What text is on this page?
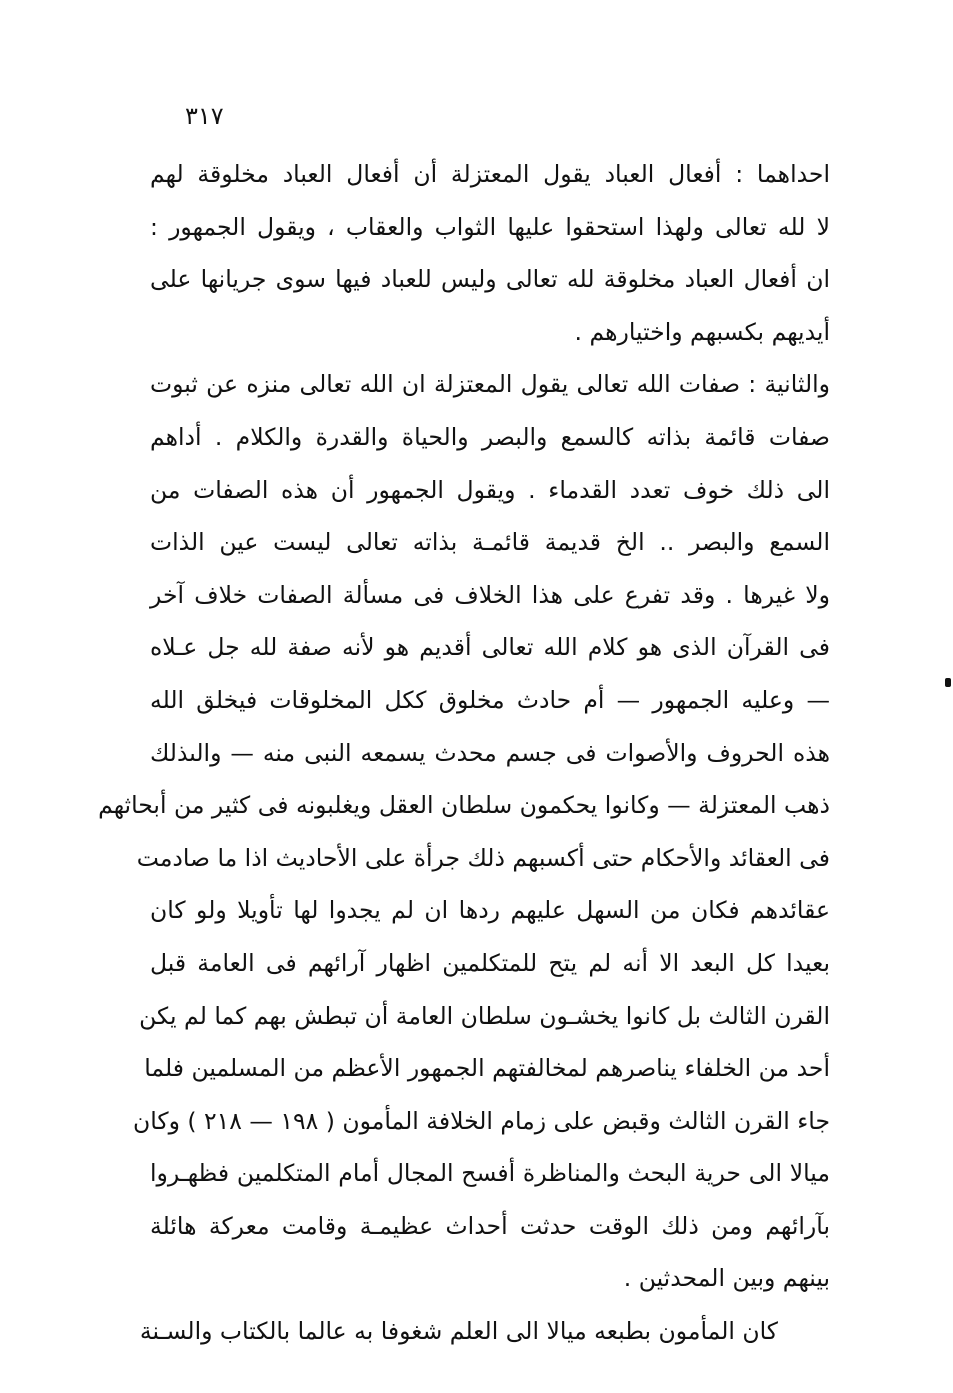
٣١٧
احداهما : أفعال العباد يقول المعتزلة أن أفعال العباد مخلوقة لهم
لا لله تعالى ولهذا استحقوا عليها الثواب والعقاب ، ويقول الجمهور :
ان أفعال العباد مخلوقة لله تعالى وليس للعباد فيها سوى جريانها على
أيديهم بكسبهم واختيارهم .
والثانية : صفات الله تعالى يقول المعتزلة ان الله تعالى منزه عن ثبوت
صفات قائمة بذاته كالسمع والبصر والحياة والقدرة والكلام . أداهم
الى ذلك خوف تعدد القدماء . ويقول الجمهور أن هذه الصفات من
السمع والبصر .. الخ قديمة قائمـة بذاته تعالى ليست عين الذات
ولا غيرها . وقد تفرع على هذا الخلاف فى مسألة الصفات خلاف آخر
فى القرآن الذى هو كلام الله تعالى أقديم هو لأنه صفة لله جل عـلاه
— وعليه الجمهور — أم حادث مخلوق ككل المخلوقات فيخلق الله
هذه الحروف والأصوات فى جسم محدث يسمعه النبى منه — والىذلك
ذهب المعتزلة — وكانوا يحكمون سلطان العقل ويغلبونه فى كثير من أبحاثهم
فى العقائد والأحكام حتى أكسبهم ذلك جرأة على الأحاديث اذا ما صادمت
عقائدهم فكان من السهل عليهم ردها ان لم يجدوا لها تأويلا ولو كان
بعيدا كل البعد الا أنه لم يتح للمتكلمين اظهار آرائهم فى العامة قبل
القرن الثالث بل كانوا يخشـون سلطان العامة أن تبطش بهم كما لم يكن
أحد من الخلفاء يناصرهم لمخالفتهم الجمهور الأعظم من المسلمين فلما
جاء القرن الثالث وقبض على زمام الخلافة المأمون ( ١٩٨ — ٢١٨ ) وكان
ميالا الى حرية البحث والمناظرة أفسح المجال أمام المتكلمين فظهـروا
بآرائهم ومن ذلك الوقت حدثت أحداث عظيمـة وقامت معركة هائلة
بينهم وبين المحدثين .
كان المأمون بطبعه ميالا الى العلم شغوفا به عالما بالكتاب والسـنة
